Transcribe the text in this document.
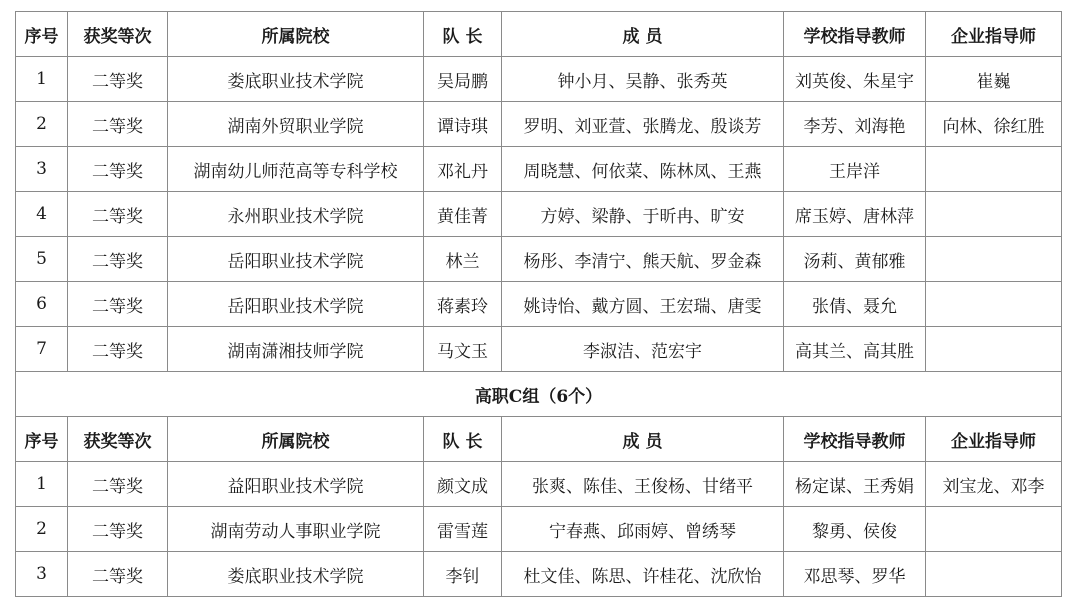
序号	获奖等次	所属院校	队 长	成 员	学校指导教师	企业指导师
1	二等奖	娄底职业技术学院	吴局鹏	钟小月、吴静、张秀英	刘英俊、朱星宇	崔巍
2	二等奖	湖南外贸职业学院	谭诗琪	罗明、刘亚萱、张腾龙、殷谈芳	李芳、刘海艳	向林、徐红胜
3	二等奖	湖南幼儿师范高等专科学校	邓礼丹	周晓慧、何依菜、陈林凤、王燕	王岸洋	
4	二等奖	永州职业技术学院	黄佳菁	方婷、梁静、于昕冉、旷安	席玉婷、唐林萍	
5	二等奖	岳阳职业技术学院	林兰	杨彤、李清宁、熊天航、罗金森	汤莉、黄郁雅	
6	二等奖	岳阳职业技术学院	蒋素玲	姚诗怡、戴方圆、王宏瑞、唐雯	张倩、聂允	
7	二等奖	湖南潇湘技师学院	马文玉	李淑洁、范宏宇	高其兰、高其胜	
高职C组（6个）						
序号	获奖等次	所属院校	队 长	成 员	学校指导教师	企业指导师
1	二等奖	益阳职业技术学院	颜文成	张爽、陈佳、王俊杨、甘绪平	杨定谋、王秀娟	刘宝龙、邓李
2	二等奖	湖南劳动人事职业学院	雷雪莲	宁春燕、邱雨婷、曾绣琴	黎勇、侯俊	
3	二等奖	娄底职业技术学院	李钊	杜文佳、陈思、许桂花、沈欣怡	邓思琴、罗华	
